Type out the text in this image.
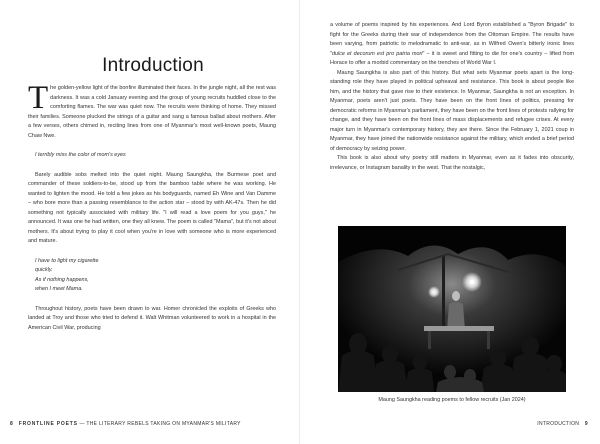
Introduction

The golden-yellow light of the bonfire illuminated their faces. In the jungle night, all the rest was darkness. It was a cold January evening and the group of young recruits huddled close to the comforting flames. The war was quiet now. The recruits were thinking of home. They missed their families. Someone plucked the strings of a guitar and sang a famous ballad about mothers. After a few verses, others chimed in, reciting lines from one of Myanmar's most well-known poets, Maung Chaw Nwe.

I terribly miss the color of mom's eyes

Barely audible sobs melted into the quiet night. Maung Saungkha, the Burmese poet and commander of these soldiers-to-be, stood up from the bamboo table where he was working. He wanted to lighten the mood. He told a few jokes as his bodyguards, named Eh Wine and Van Damme – who bore more than a passing resemblance to the action star – stood by with AK-47s. Then he did something not typically associated with military life. "I will read a love poem for you guys," he announced. It was one he had written, one they all knew. The poem is called "Mama", but it's not about mothers. It's about trying to play it cool when you're in love with someone who is more experienced and mature.

I have to light my cigarette
quickly.
As if nothing happens,
when I meet Mama.

Throughout history, poets have been drawn to war. Homer chronicled the exploits of Greeks who landed at Troy and those who tried to defend it. Walt Whitman volunteered to work in a hospital in the American Civil War, producing

8 FRONTLINE POETS — THE LITERARY REBELS TAKING ON MYANMAR'S MILITARY

a volume of poems inspired by his experiences. And Lord Byron established a "Byron Brigade" to fight for the Greeks during their war of independence from the Ottoman Empire. The results have been varying, from patriotic to melodramatic to anti-war, as in Wilfred Owen's bitterly ironic lines "dulce et decorum est pro patria mori" – it is sweet and fitting to die for one's country – lifted from Horace to offer a morbid commentary on the trenches of World War I.

Maung Saungkha is also part of this history. But what sets Myanmar poets apart is the long-standing role they have played in political upheaval and resistance. This book is about people like him, and the history that gave rise to their existence. In Myanmar, Saungkha is not an exception. In Myanmar, poets aren't just poets. They have been on the front lines of politics, pressing for democratic reforms in Myanmar's parliament, they have been on the front lines of protests rallying for change, and they have been on the front lines of mass displacements and refugee crises. At every major turn in Myanmar's contemporary history, they are there. Since the February 1, 2021 coup in Myanmar, they have joined the nationwide resistance against the military, which ended a brief period of democracy by seizing power.

This book is also about why poetry still matters in Myanmar, even as it fades into obscurity, irrelevance, or Instagram banality in the west. That the nostalgic,

Maung Saungkha reading poems to fellow recruits (Jan 2024)
INTRODUCTION 9
